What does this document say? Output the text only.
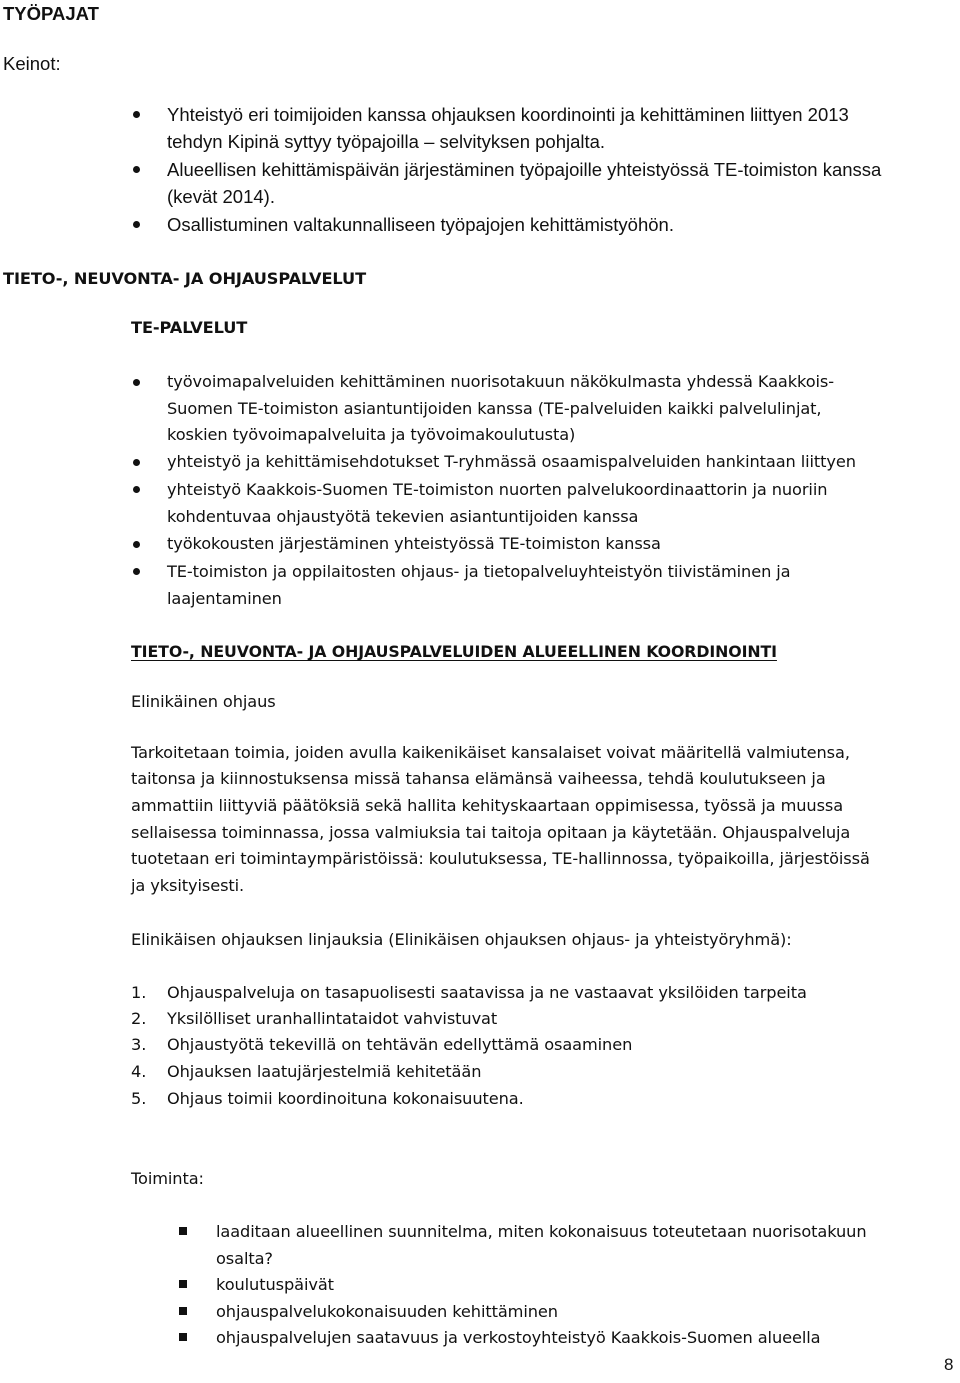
TYÖPAJAT
Keinot:
Yhteistyö eri toimijoiden kanssa ohjauksen koordinointi ja kehittäminen liittyen 2013
tehdyn Kipinä syttyy työpajoilla – selvityksen pohjalta.
Alueellisen kehittämispäivän järjestäminen työpajoille yhteistyössä TE-toimiston kanssa
(kevät 2014).
Osallistuminen valtakunnalliseen työpajojen kehittämistyöhön.
TIETO-, NEUVONTA- JA OHJAUSPALVELUT
TE-PALVELUT
työvoimapalveluiden kehittäminen nuorisotakuun näkökulmasta yhdessä Kaakkois-
Suomen TE-toimiston asiantuntijoiden kanssa (TE-palveluiden kaikki palvelulinjat,
koskien työvoimapalveluita ja työvoimakoulutusta)
yhteistyö ja kehittämisehdotukset T-ryhmässä osaamispalveluiden hankintaan liittyen
yhteistyö Kaakkois-Suomen TE-toimiston nuorten palvelukoordinaattorin ja nuoriin
kohdentuvaa ohjaustyötä tekevien asiantuntijoiden kanssa
työkokousten järjestäminen yhteistyössä TE-toimiston kanssa
TE-toimiston ja oppilaitosten ohjaus- ja tietopalveluyhteistyön tiivistäminen ja
laajentaminen
TIETO-, NEUVONTA- JA OHJAUSPALVELUIDEN ALUEELLINEN KOORDINOINTI
Elinikäinen ohjaus
Tarkoitetaan toimia, joiden avulla kaikenikäiset kansalaiset voivat määritellä valmiutensa,
taitonsa ja kiinnostuksensa missä tahansa elämänsä vaiheessa, tehdä koulutukseen ja
ammattiin liittyviä päätöksiä sekä hallita kehityskaartaan oppimisessa, työssä ja muussa
sellaisessa toiminnassa, jossa valmiuksia tai taitoja opitaan ja käytetään. Ohjauspalveluja
tuotetaan eri toimintaympäristöissä: koulutuksessa, TE-hallinnossa, työpaikoilla, järjestöissä
ja yksityisesti.
Elinikäisen ohjauksen linjauksia (Elinikäisen ohjauksen ohjaus- ja yhteistyöryhmä):
1. Ohjauspalveluja on tasapuolisesti saatavissa ja ne vastaavat yksilöiden tarpeita
2. Yksilölliset uranhallintataidot vahvistuvat
3. Ohjaustyötä tekevillä on tehtävän edellyttämä osaaminen
4. Ohjauksen laatujärjestelmiä kehitetään
5. Ohjaus toimii koordinoituna kokonaisuutena.
Toiminta:
laaditaan alueellinen suunnitelma, miten kokonaisuus toteutetaan nuorisotakuun
osalta?
koulutuspäivät
ohjauspalvelukokonaisuuden kehittäminen
ohjauspalvelujen saatavuus ja verkostoyhteistyö Kaakkois-Suomen alueella
8
